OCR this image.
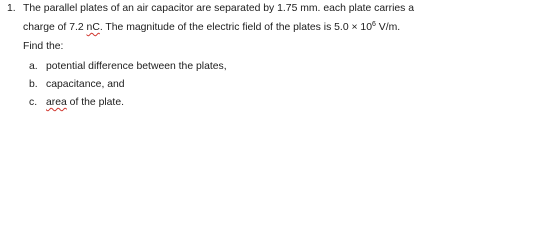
1. The parallel plates of an air capacitor are separated by 1.75 mm. each plate carries a
charge of 7.2 nC. The magnitude of the electric field of the plates is $5.0 \times 10^6$ V/m.
Find the:
a. potential difference between the plates,
b. capacitance, and
c. area of the plate.
